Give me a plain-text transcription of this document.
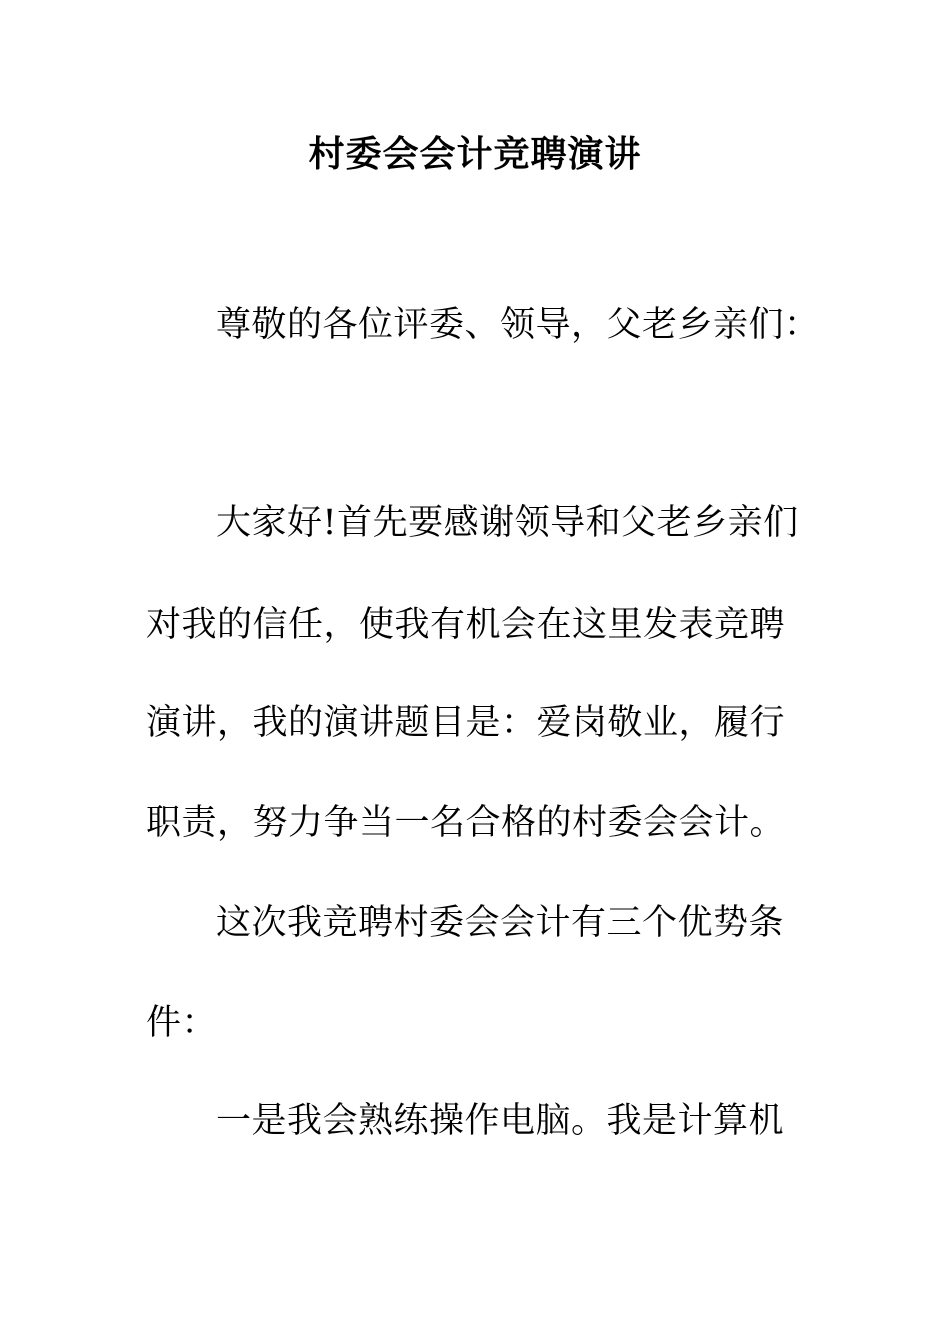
村委会会计竞聘演讲
尊敬的各位评委、领导，父老乡亲们：
大家好!首先要感谢领导和父老乡亲们
对我的信任，使我有机会在这里发表竞聘
演讲，我的演讲题目是：爱岗敬业，履行
职责，努力争当一名合格的村委会会计。
这次我竞聘村委会会计有三个优势条
件：
一是我会熟练操作电脑。我是计算机
